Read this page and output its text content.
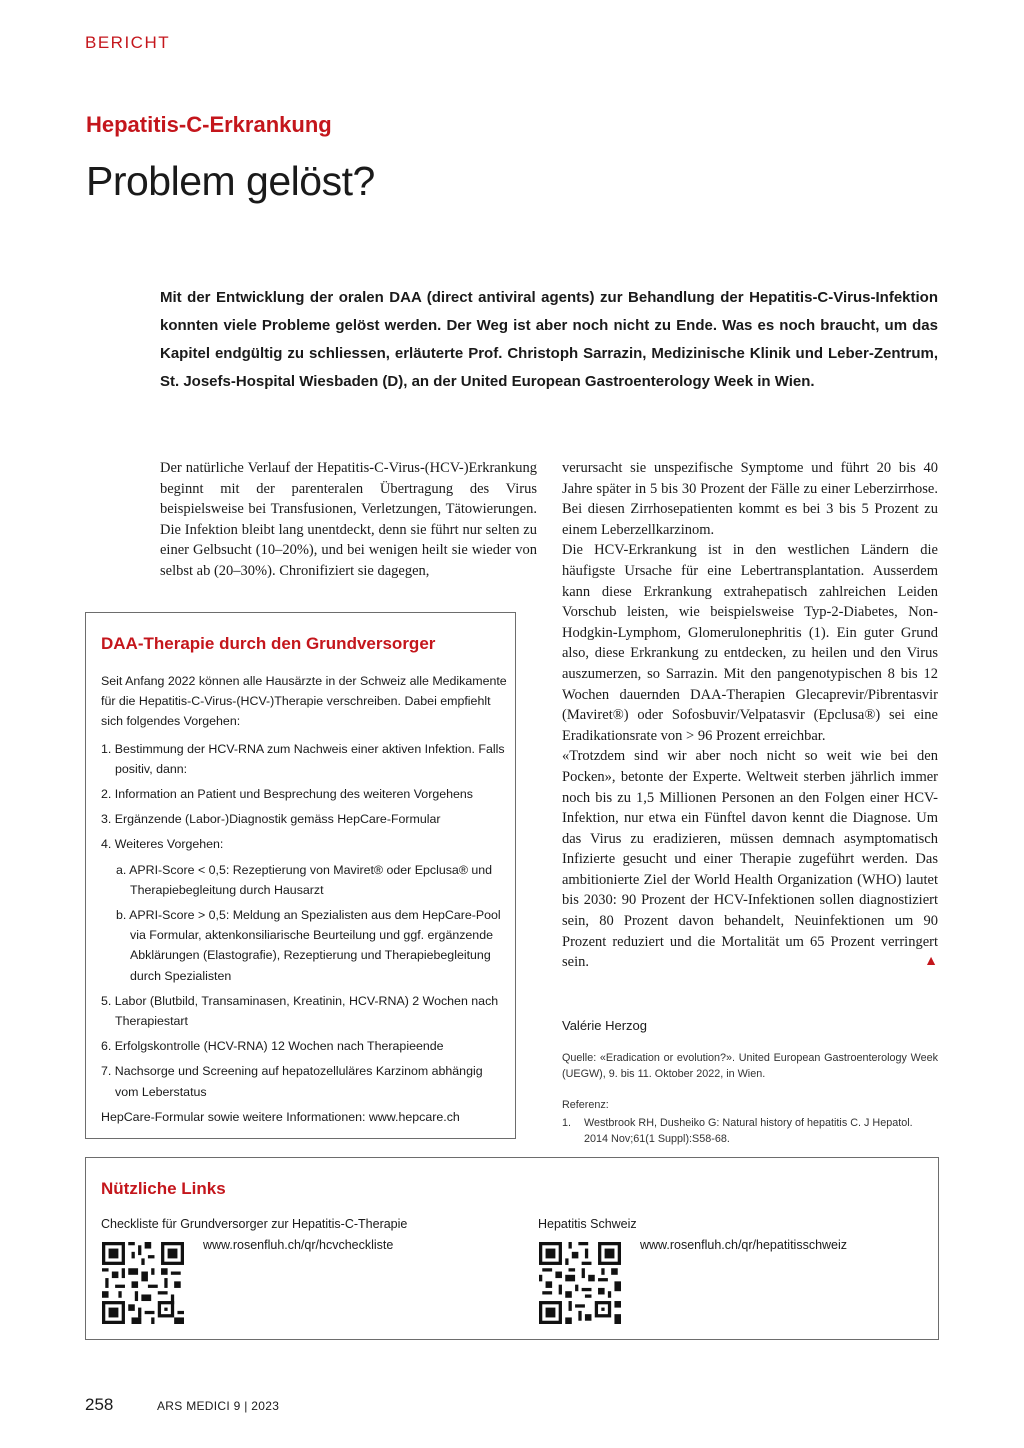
BERICHT
Hepatitis-C-Erkrankung
Problem gelöst?
Mit der Entwicklung der oralen DAA (direct antiviral agents) zur Behandlung der Hepatitis-C-Virus-Infektion konnten viele Probleme gelöst werden. Der Weg ist aber noch nicht zu Ende. Was es noch braucht, um das Kapitel endgültig zu schliessen, erläuterte Prof. Christoph Sarrazin, Medizinische Klinik und Leber-Zentrum, St. Josefs-Hospital Wiesbaden (D), an der United European Gastroenterology Week in Wien.
Der natürliche Verlauf der Hepatitis-C-Virus-(HCV-)Erkrankung beginnt mit der parenteralen Übertragung des Virus beispielsweise bei Transfusionen, Verletzungen, Tätowierungen. Die Infektion bleibt lang unentdeckt, denn sie führt nur selten zu einer Gelbsucht (10–20%), und bei wenigen heilt sie wieder von selbst ab (20–30%). Chronifiziert sie dagegen,

verursacht sie unspezifische Symptome und führt 20 bis 40 Jahre später in 5 bis 30 Prozent der Fälle zu einer Leberzirrhose. Bei diesen Zirrhosepatienten kommt es bei 3 bis 5 Prozent zu einem Leberzellkarzinom.

Die HCV-Erkrankung ist in den westlichen Ländern die häufigste Ursache für eine Lebertransplantation. Ausserdem kann diese Erkrankung extrahepatisch zahlreichen Leiden Vorschub leisten, wie beispielsweise Typ-2-Diabetes, Non-Hodgkin-Lymphom, Glomerulonephritis (1). Ein guter Grund also, diese Erkrankung zu entdecken, zu heilen und den Virus auszumerzen, so Sarrazin. Mit den pangenotypischen 8 bis 12 Wochen dauernden DAA-Therapien Glecaprevir/Pibrentasvir (Maviret®) oder Sofosbuvir/Velpatasvir (Epclusa®) sei eine Eradikationsrate von > 96 Prozent erreichbar.

«Trotzdem sind wir aber noch nicht so weit wie bei den Pocken», betonte der Experte. Weltweit sterben jährlich immer noch bis zu 1,5 Millionen Personen an den Folgen einer HCV-Infektion, nur etwa ein Fünftel davon kennt die Diagnose. Um das Virus zu eradizieren, müssen demnach asymptomatisch Infizierte gesucht und einer Therapie zugeführt werden. Das ambitionierte Ziel der World Health Organization (WHO) lautet bis 2030: 90 Prozent der HCV-Infektionen sollen diagnostiziert sein, 80 Prozent davon behandelt, Neuinfektionen um 90 Prozent reduziert und die Mortalität um 65 Prozent verringert sein.	▲

Valérie Herzog
Quelle: «Eradication or evolution?». United European Gastroenterology Week (UEGW), 9. bis 11. Oktober 2022, in Wien.
Referenz:
1. Westbrook RH, Dusheiko G: Natural history of hepatitis C. J Hepatol. 2014 Nov;61(1 Suppl):S58-68.
DAA-Therapie durch den Grundversorger

Seit Anfang 2022 können alle Hausärzte in der Schweiz alle Medikamente für die Hepatitis-C-Virus-(HCV-)Therapie verschreiben. Dabei empfiehlt sich folgendes Vorgehen:

1. Bestimmung der HCV-RNA zum Nachweis einer aktiven Infektion. Falls positiv, dann:
2. Information an Patient und Besprechung des weiteren Vorgehens
3. Ergänzende (Labor-)Diagnostik gemäss HepCare-Formular
4. Weiteres Vorgehen:
a. APRI-Score < 0,5: Rezeptierung von Maviret® oder Epclusa® und Therapiebegleitung durch Hausarzt
b. APRI-Score > 0,5: Meldung an Spezialisten aus dem HepCare-Pool via Formular, aktenkonsiliarische Beurteilung und ggf. ergänzende Abklärungen (Elastografie), Rezeptierung und Therapiebegleitung durch Spezialisten
5. Labor (Blutbild, Transaminasen, Kreatinin, HCV-RNA) 2 Wochen nach Therapiestart
6. Erfolgskontrolle (HCV-RNA) 12 Wochen nach Therapieende
7. Nachsorge und Screening auf hepatozelluläres Karzinom abhängig vom Leberstatus

HepCare-Formular sowie weitere Informationen: www.hepcare.ch

Nützliche Links
Checkliste für Grundversorger zur Hepatitis-C-Therapie
www.rosenfluh.ch/qr/hcvcheckliste
Hepatitis Schweiz
www.rosenfluh.ch/qr/hepatitisschweiz
258	ARS MEDICI 9 | 2023
